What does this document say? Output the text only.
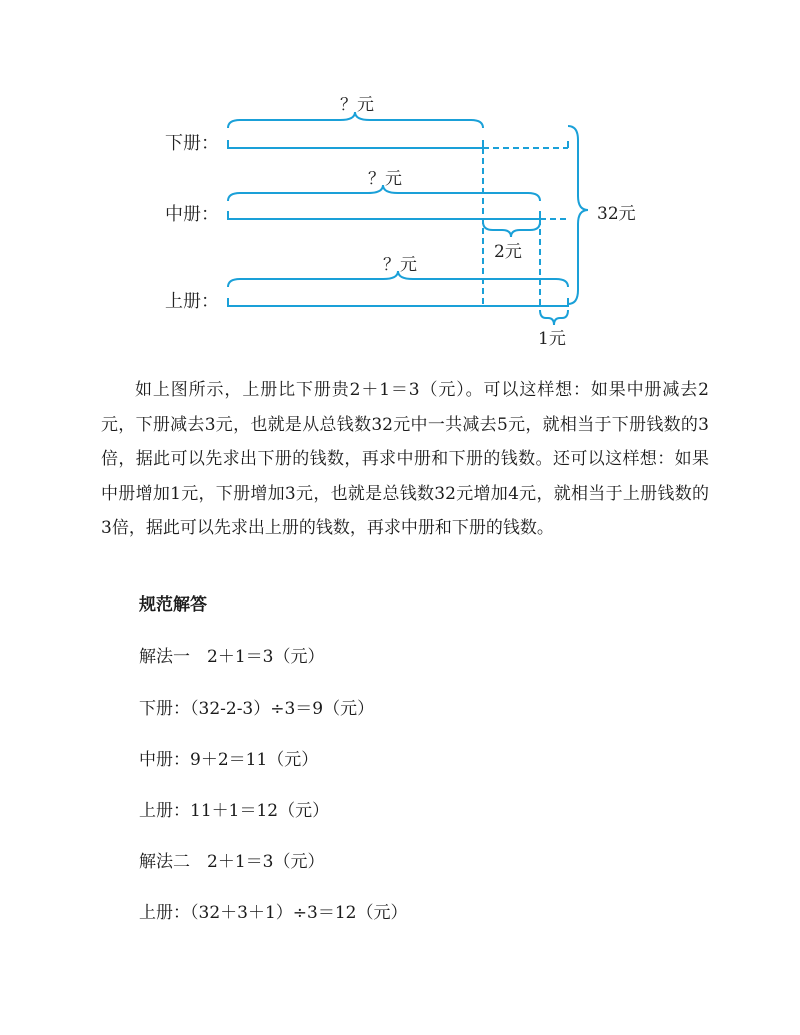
下册：
中册：
上册：
？元
？元
？元
32元
2元
1元

如上图所示，上册比下册贵2＋1＝3（元）。可以这样想：如果中册减去2元，下册减去3元，也就是从总钱数32元中一共减去5元，就相当于下册钱数的3倍，据此可以先求出下册的钱数，再求中册和下册的钱数。还可以这样想：如果中册增加1元，下册增加3元，也就是总钱数32元增加4元，就相当于上册钱数的3倍，据此可以先求出上册的钱数，再求中册和下册的钱数。

规范解答

解法一　2＋1＝3（元）

下册：（32-2-3）÷3＝9（元）

中册：9＋2＝11（元）

上册：11＋1＝12（元）

解法二　2＋1＝3（元）

上册：（32＋3＋1）÷3＝12（元）
